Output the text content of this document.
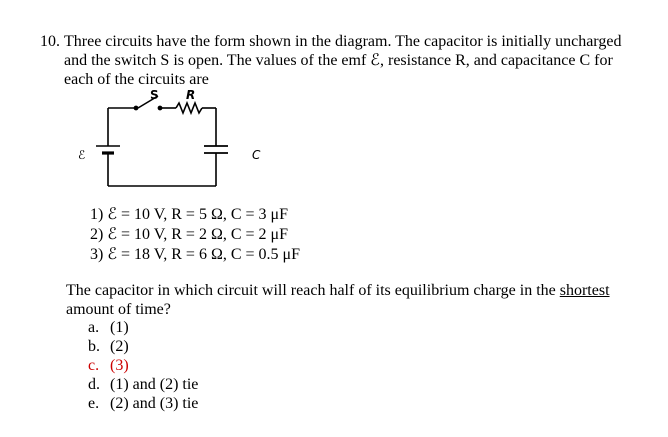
10. Three circuits have the form shown in the diagram. The capacitor is initially uncharged
and the switch S is open. The values of the emf ℰ, resistance R, and capacitance C for
each of the circuits are
S R
ℰ	C
1) ℰ = 10 V, R = 5 Ω, C = 3 μF
2) ℰ = 10 V, R = 2 Ω, C = 2 μF
3) ℰ = 18 V, R = 6 Ω, C = 0.5 μF
The capacitor in which circuit will reach half of its equilibrium charge in the shortest
amount of time?
a. (1)
b. (2)
c. (3)
d. (1) and (2) tie
e. (2) and (3) tie
